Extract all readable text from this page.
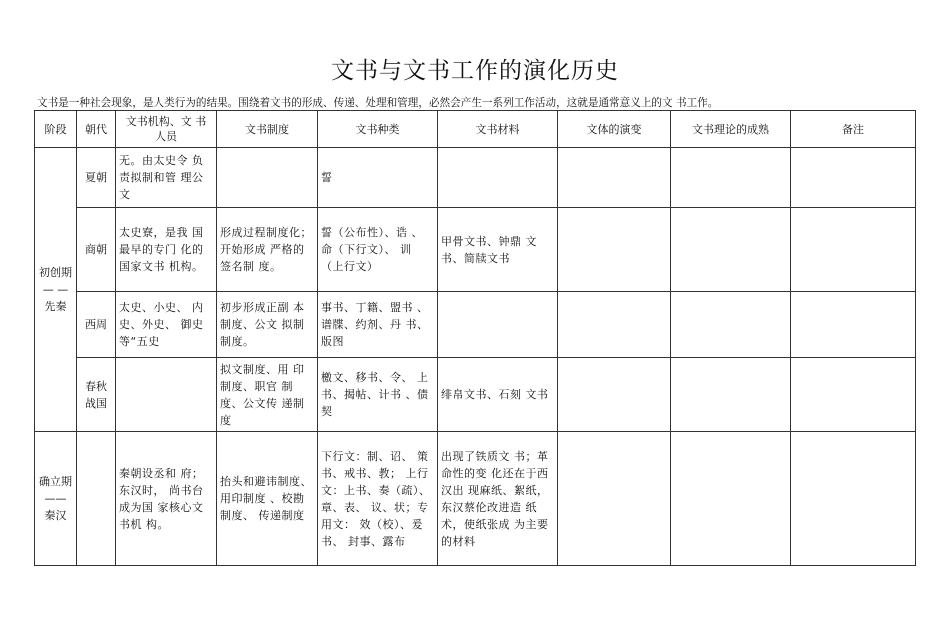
文书与文书工作的演化历史
文书是一种社会现象，是人类行为的结果。围绕着文书的形成、传递、处理和管理，必然会产生一系列工作活动，这就是通常意义上的文 书工作。
阶段	朝代	文书机构、文 书 人员	文书制度	文书种类	文书材料	文体的演变	文书理论的成熟	备注
初创期— — 先秦	夏朝	无。由太史令 负责拟制和管 理公文		誓				
	商朝	太史寮，是我 国最早的专门 化的国家文书 机构。	形成过程制度化；开始形成 严格的签名制 度。	誓（公布性）、诰 、命（下行文）、 训（上行文）	甲骨文书、钟鼎 文书、简牍文书			
	西周	太史、小史、 内史、外史、 御史等“五史	初步形成正副 本制度、公文 拟制制度。	事书、丁籍、盟书 、谱牒、约剂、丹 书、版图				
	春秋战国		拟文制度、用 印制度、职官 制度、公文传 递制度	檄文、移书、令、 上书、揭帖、计书 、债契	绯帛文书、石刻 文书			
确立期—— 秦汉		秦朝设丞和 府；东汉时， 尚书台成为国 家核心文书机 构。	抬头和避讳制度、用印制度 、校勘制度、 传递制度	下行文：制、诏、 策书、戒书、教； 上行文：上书、奏（疏）、章、表、 议、状；专用文： 效（校）、爰书、 封事、露布	出现了铁质文 书；革命性的变 化还在于西汉出 现麻纸、絮纸， 东汉蔡伦改进造 纸术，使纸张成 为主要的材料			
